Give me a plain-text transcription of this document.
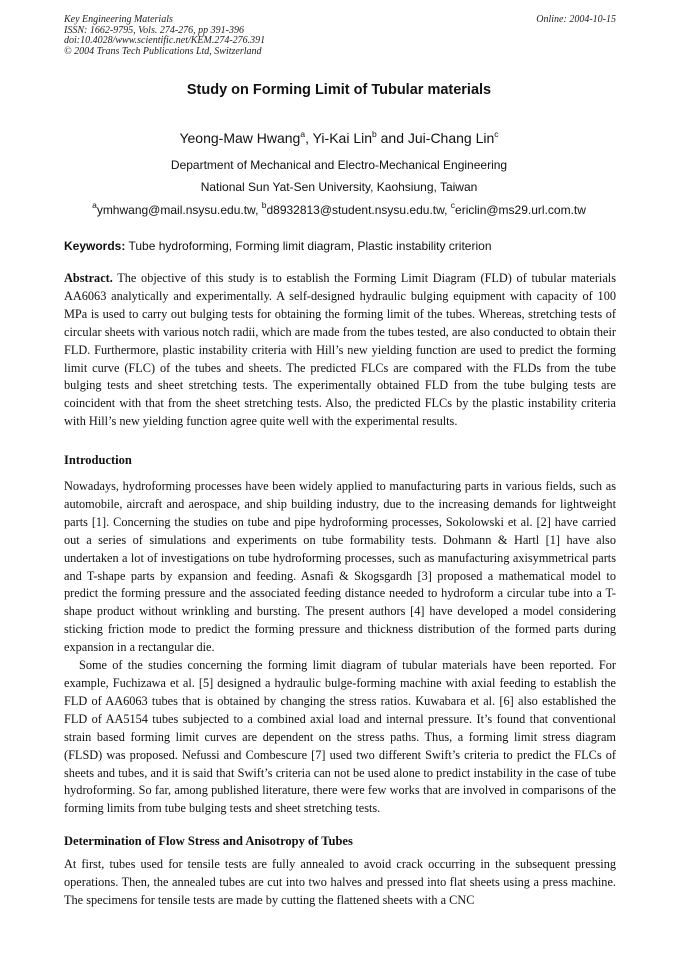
Key Engineering Materials
ISSN: 1662-9795, Vols. 274-276, pp 391-396
doi:10.4028/www.scientific.net/KEM.274-276.391
© 2004 Trans Tech Publications Ltd, Switzerland
Online: 2004-10-15
Study on Forming Limit of Tubular materials
Yeong-Maw Hwang$^a$, Yi-Kai Lin$^b$ and Jui-Chang Lin$^c$
Department of Mechanical and Electro-Mechanical Engineering
National Sun Yat-Sen University, Kaohsiung, Taiwan
$^a$ymhwang@mail.nsysu.edu.tw, $^b$d8932813@student.nsysu.edu.tw, $^c$ericlin@ms29.url.com.tw
Keywords: Tube hydroforming, Forming limit diagram, Plastic instability criterion
Abstract. The objective of this study is to establish the Forming Limit Diagram (FLD) of tubular materials AA6063 analytically and experimentally. A self-designed hydraulic bulging equipment with capacity of 100 MPa is used to carry out bulging tests for obtaining the forming limit of the tubes. Whereas, stretching tests of circular sheets with various notch radii, which are made from the tubes tested, are also conducted to obtain their FLD. Furthermore, plastic instability criteria with Hill’s new yielding function are used to predict the forming limit curve (FLC) of the tubes and sheets. The predicted FLCs are compared with the FLDs from the tube bulging tests and sheet stretching tests. The experimentally obtained FLD from the tube bulging tests are coincident with that from the sheet stretching tests. Also, the predicted FLCs by the plastic instability criteria with Hill’s new yielding function agree quite well with the experimental results.
Introduction

Nowadays, hydroforming processes have been widely applied to manufacturing parts in various fields, such as automobile, aircraft and aerospace, and ship building industry, due to the increasing demands for lightweight parts [1]. Concerning the studies on tube and pipe hydroforming processes, Sokolowski et al. [2] have carried out a series of simulations and experiments on tube formability tests. Dohmann & Hartl [1] have also undertaken a lot of investigations on tube hydroforming processes, such as manufacturing axisymmetrical parts and T-shape parts by expansion and feeding. Asnafi & Skogsgardh [3] proposed a mathematical model to predict the forming pressure and the associated feeding distance needed to hydroform a circular tube into a T-shape product without wrinkling and bursting. The present authors [4] have developed a model considering sticking friction mode to predict the forming pressure and thickness distribution of the formed parts during expansion in a rectangular die.

Some of the studies concerning the forming limit diagram of tubular materials have been reported. For example, Fuchizawa et al. [5] designed a hydraulic bulge-forming machine with axial feeding to establish the FLD of AA6063 tubes that is obtained by changing the stress ratios. Kuwabara et al. [6] also established the FLD of AA5154 tubes subjected to a combined axial load and internal pressure. It’s found that conventional strain based forming limit curves are dependent on the stress paths. Thus, a forming limit stress diagram (FLSD) was proposed. Nefussi and Combescure [7] used two different Swift’s criteria to predict the FLCs of sheets and tubes, and it is said that Swift’s criteria can not be used alone to predict instability in the case of tube hydroforming. So far, among published literature, there were few works that are involved in comparisons of the forming limits from tube bulging tests and sheet stretching tests.

Determination of Flow Stress and Anisotropy of Tubes
At first, tubes used for tensile tests are fully annealed to avoid crack occurring in the subsequent pressing operations. Then, the annealed tubes are cut into two halves and pressed into flat sheets using a press machine. The specimens for tensile tests are made by cutting the flattened sheets with a CNC
